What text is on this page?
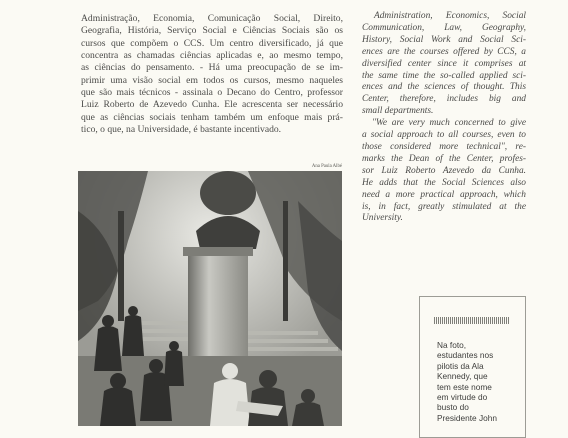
Administração, Economia, Comunicação Social, Direito,
Geografia, História, Serviço Social e Ciências Sociais são os
cursos que compõem o CCS. Um centro diversificado, já que
concentra as chamadas ciências aplicadas e, ao mesmo tempo,
as ciências do pensamento. - Há uma preocupação de se im-
primir uma visão social em todos os cursos, mesmo naqueles
que são mais técnicos - assinala o Decano do Centro, professor
Luiz Roberto de Azevedo Cunha. Ele acrescenta ser necessário
que as ciências sociais tenham também um enfoque mais prá-
tico, o que, na Universidade, é bastante incentivado.
Administration, Economics, Social
Communication, Law, Geography,
History, Social Work and Social Sci-
ences are the courses offered by CCS, a
diversified center since it comprises at
the same time the so-called applied sci-
ences and the sciences of thought. This
Center, therefore, includes big and
small departments.
"We are very much concerned to give
a social approach to all courses, even to
those considered more technical", re-
marks the Dean of the Center, profes-
sor Luiz Roberto Azevedo da Cunha.
He adds that the Social Sciences also
need a more practical approach, which
is, in fact, greatly stimulated at the
University.
Ana Paula Albé
Na foto,
estudantes nos
pilotis da Ala
Kennedy, que
tem este nome
em virtude do
busto do
Presidente John
